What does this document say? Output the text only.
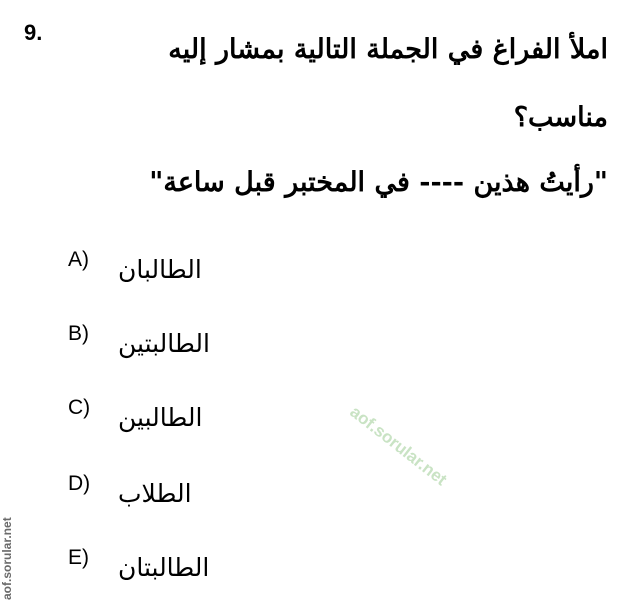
9.
املأ الفراغ في الجملة التالية بمشار إليه
مناسب؟
"رأيتُ هذين ---- في المختبر قبل ساعة"
A) الطالبان
B) الطالبتين
C) الطالبين
D) الطلاب
E) الطالبتان
aof.sorular.net
aof.sorular.net
